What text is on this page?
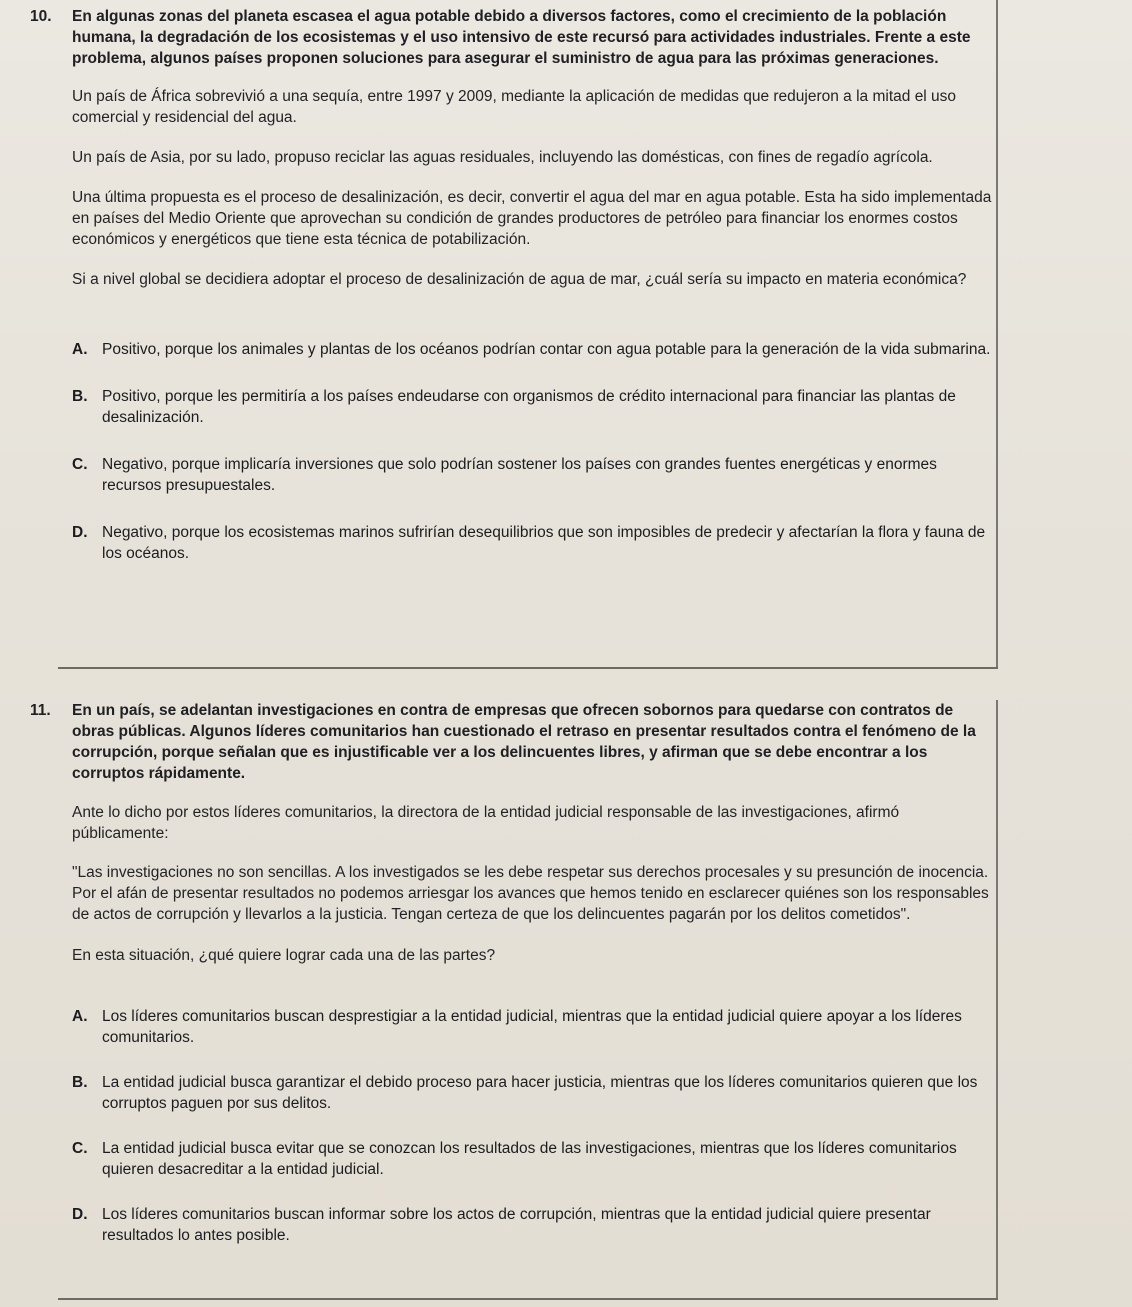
10.	En algunas zonas del planeta escasea el agua potable debido a diversos factores, como el crecimiento de la población humana, la degradación de los ecosistemas y el uso intensivo de este recursó para actividades industriales. Frente a este problema, algunos países proponen soluciones para asegurar el suministro de agua para las próximas generaciones.

Un país de África sobrevivió a una sequía, entre 1997 y 2009, mediante la aplicación de medidas que redujeron a la mitad el uso comercial y residencial del agua.

Un país de Asia, por su lado, propuso reciclar las aguas residuales, incluyendo las domésticas, con fines de regadío agrícola.

Una última propuesta es el proceso de desalinización, es decir, convertir el agua del mar en agua potable. Esta ha sido implementada en países del Medio Oriente que aprovechan su condición de grandes productores de petróleo para financiar los enormes costos económicos y energéticos que tiene esta técnica de potabilización.

Si a nivel global se decidiera adoptar el proceso de desalinización de agua de mar, ¿cuál sería su impacto en materia económica?

A. Positivo, porque los animales y plantas de los océanos podrían contar con agua potable para la generación de la vida submarina.
B. Positivo, porque les permitiría a los países endeudarse con organismos de crédito internacional para financiar las plantas de desalinización.
C. Negativo, porque implicaría inversiones que solo podrían sostener los países con grandes fuentes energéticas y enormes recursos presupuestales.
D. Negativo, porque los ecosistemas marinos sufrirían desequilibrios que son imposibles de predecir y afectarían la flora y fauna de los océanos.
11.	En un país, se adelantan investigaciones en contra de empresas que ofrecen sobornos para quedarse con contratos de obras públicas. Algunos líderes comunitarios han cuestionado el retraso en presentar resultados contra el fenómeno de la corrupción, porque señalan que es injustificable ver a los delincuentes libres, y afirman que se debe encontrar a los corruptos rápidamente.

Ante lo dicho por estos líderes comunitarios, la directora de la entidad judicial responsable de las investigaciones, afirmó públicamente:

"Las investigaciones no son sencillas. A los investigados se les debe respetar sus derechos procesales y su presunción de inocencia. Por el afán de presentar resultados no podemos arriesgar los avances que hemos tenido en esclarecer quiénes son los responsables de actos de corrupción y llevarlos a la justicia. Tengan certeza de que los delincuentes pagarán por los delitos cometidos".

En esta situación, ¿qué quiere lograr cada una de las partes?

A. Los líderes comunitarios buscan desprestigiar a la entidad judicial, mientras que la entidad judicial quiere apoyar a los líderes comunitarios.
B. La entidad judicial busca garantizar el debido proceso para hacer justicia, mientras que los líderes comunitarios quieren que los corruptos paguen por sus delitos.
C. La entidad judicial busca evitar que se conozcan los resultados de las investigaciones, mientras que los líderes comunitarios quieren desacreditar a la entidad judicial.
D. Los líderes comunitarios buscan informar sobre los actos de corrupción, mientras que la entidad judicial quiere presentar resultados lo antes posible.
